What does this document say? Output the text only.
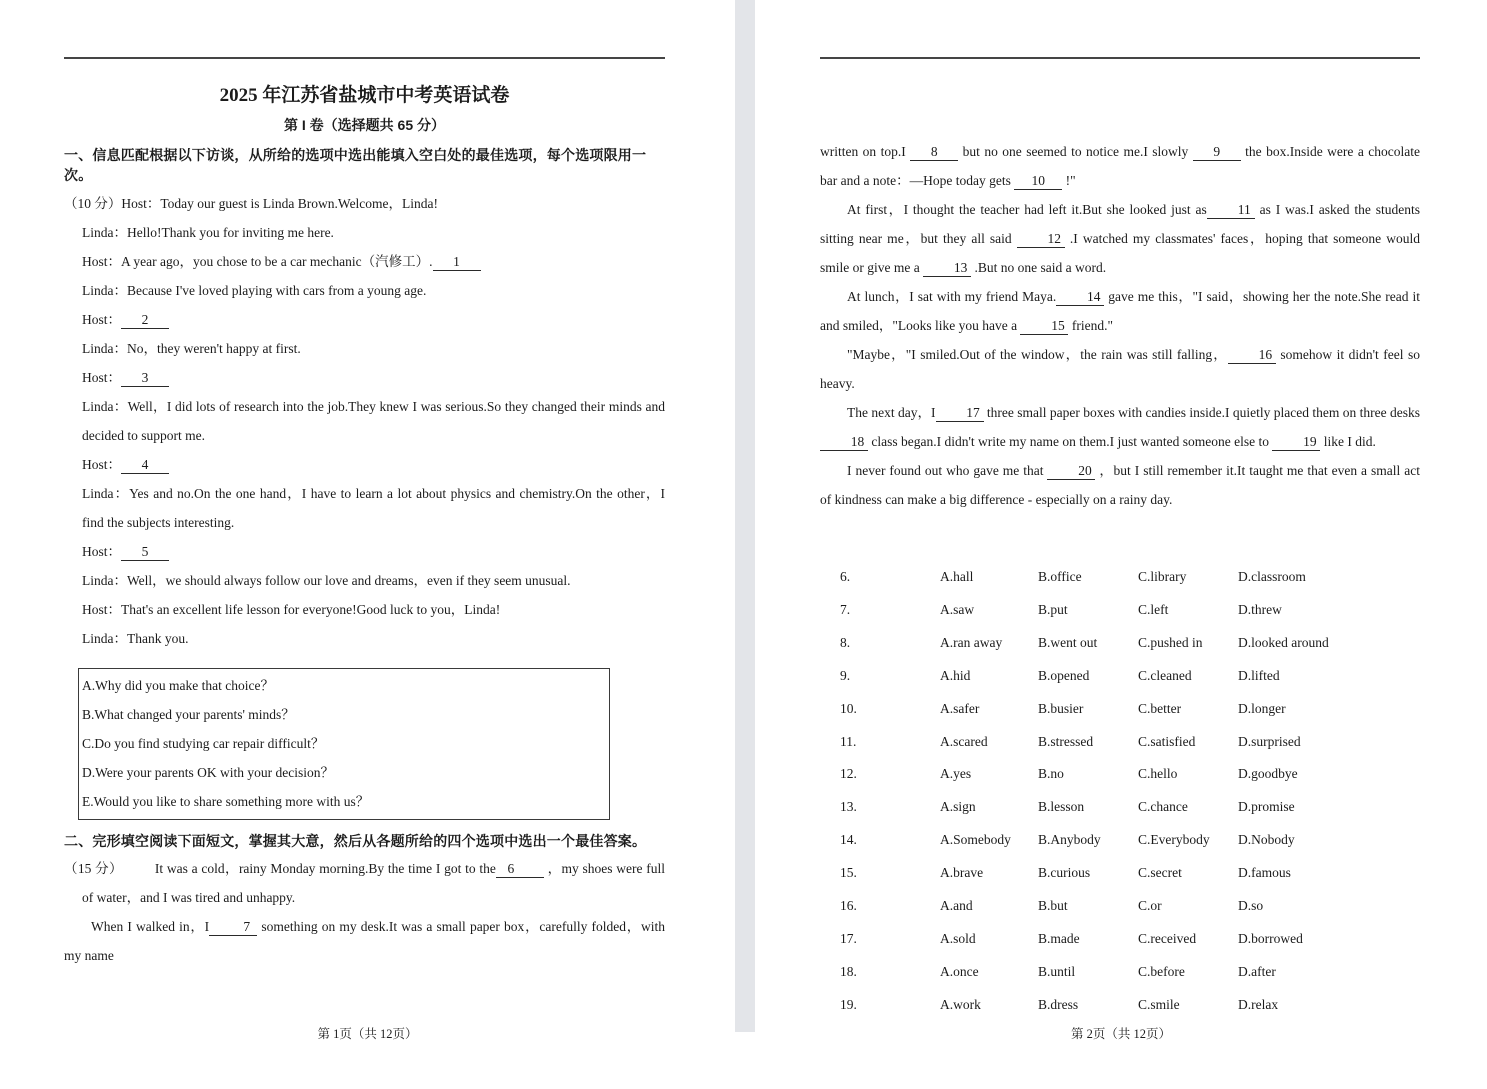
2025 年江苏省盐城市中考英语试卷
第 I 卷（选择题共 65 分）
一、信息匹配根据以下访谈，从所给的选项中选出能填入空白处的最佳选项，每个选项限用一次。

（10 分）Host：Today our guest is Linda Brown.Welcome，Linda!

Linda：Hello!Thank you for inviting me here.

Host：A year ago，you chose to be a car mechanic（汽修工）. 1

Linda：Because I've loved playing with cars from a young age.

Host： 2

Linda：No，they weren't happy at first.

Host： 3

Linda：Well，I did lots of research into the job.They knew I was serious.So they changed their minds and decided to support me.

Host： 4

Linda：Yes and no.On the one hand，I have to learn a lot about physics and chemistry.On the other，I find the subjects interesting.

Host： 5

Linda：Well，we should always follow our love and dreams，even if they seem unusual.

Host：That's an excellent life lesson for everyone!Good luck to you，Linda!

Linda：Thank you.

A.Why did you make that choice？

B.What changed your parents' minds？

C.Do you find studying car repair difficult？

D.Were your parents OK with your decision？

E.Would you like to share something more with us？

二、完形填空阅读下面短文，掌握其大意，然后从各题所给的四个选项中选出一个最佳答案。

（15 分） It was a cold，rainy Monday morning.By the time I got to the 6 ，my shoes were full of water，and I was tired and unhappy.

When I walked in，I	7 something on my desk.It was a small paper box，carefully folded，with my name

第 1页（共 12页）

written on top.I 8 but no one seemed to notice me.I slowly 9 the box.Inside were a chocolate bar and a note：—Hope today gets 10 !"

At first，I thought the teacher had left it.But she looked just as 11 as I was.I asked the students sitting near me，but they all said 12 .I watched my classmates' faces，hoping that someone would smile or give me a 13 .But no one said a word.

At lunch，I sat with my friend Maya. 14 gave me this，"I said，showing her the note.She read it and smiled，"Looks like you have a 15 friend."

"Maybe，"I smiled.Out of the window，the rain was still falling， 16 somehow it didn't feel so heavy.

The next day，I 17 three small paper boxes with candies inside.I quietly placed them on three desks 18 class began.I didn't write my name on them.I just wanted someone else to 19 like I did.

I never found out who gave me that 20 ，but I still remember it.It taught me that even a small act of kindness can make a big difference - especially on a rainy day.

6.	A.hall	B.office	C.library	D.classroom
7.	A.saw	B.put	C.left	D.threw
8.	A.ran away	B.went out	C.pushed in	D.looked around
9.	A.hid	B.opened	C.cleaned	D.lifted
10.	A.safer	B.busier	C.better	D.longer
11.	A.scared	B.stressed	C.satisfied	D.surprised
12.	A.yes	B.no	C.hello	D.goodbye
13.	A.sign	B.lesson	C.chance	D.promise
14.	A.Somebody	B.Anybody	C.Everybody	D.Nobody
15.	A.brave	B.curious	C.secret	D.famous
16.	A.and	B.but	C.or	D.so
17.	A.sold	B.made	C.received	D.borrowed
18.	A.once	B.until	C.before	D.after
19.	A.work	B.dress	C.smile	D.relax
第 2页（共 12页）
